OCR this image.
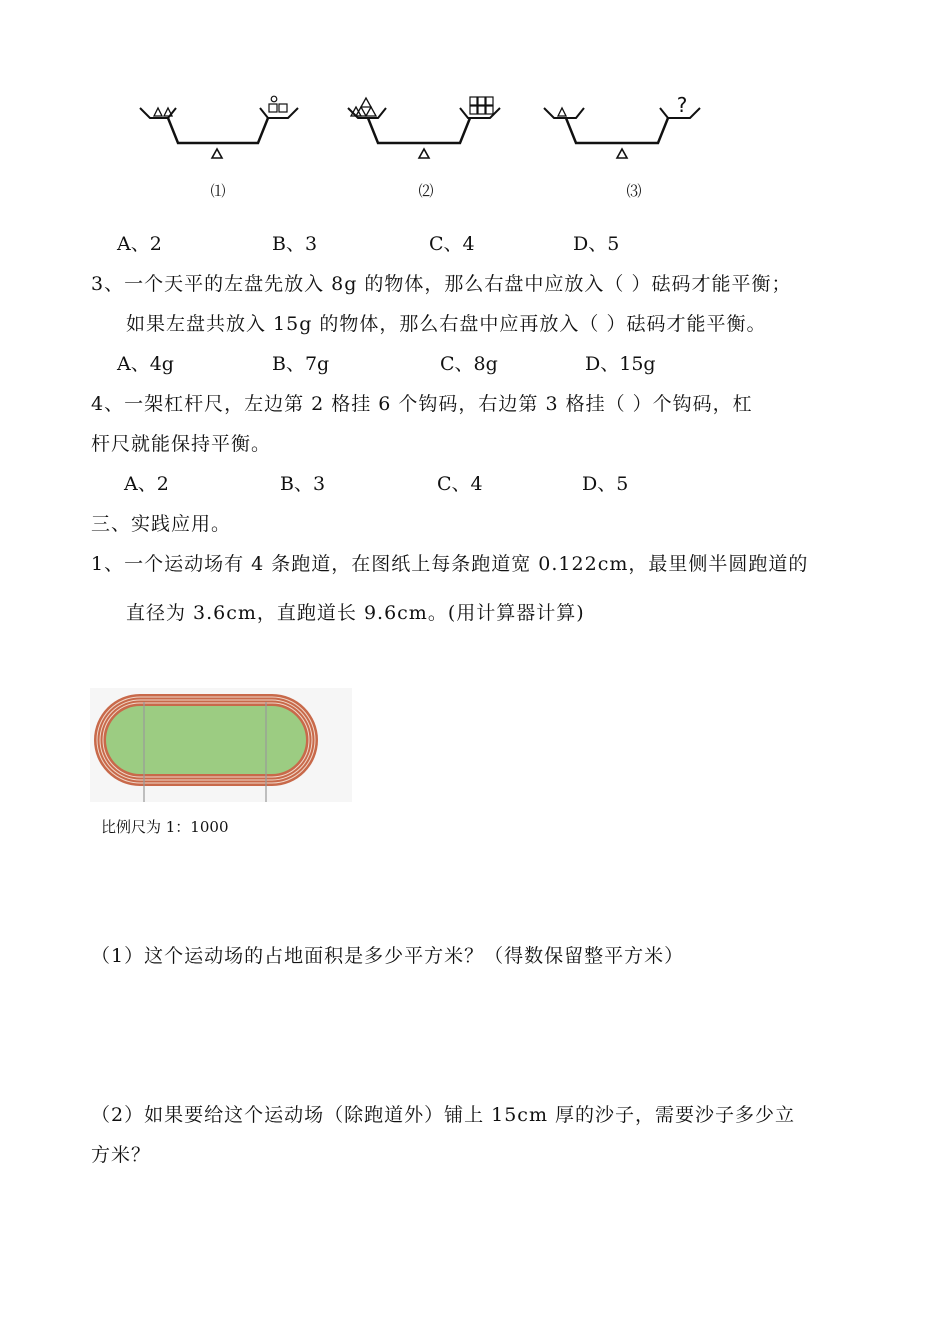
?
⑴	⑵	⑶
A、2	B、3	C、4	D、5
3、一个天平的左盘先放入 8g 的物体，那么右盘中应放入（ ）砝码才能平衡；
如果左盘共放入 15g 的物体，那么右盘中应再放入（ ）砝码才能平衡。
A、4g	B、7g	C、8g	D、15g
4、一架杠杆尺，左边第 2 格挂 6 个钩码，右边第 3 格挂（ ）个钩码，杠
杆尺就能保持平衡。
A、2	B、3	C、4	D、5
三、实践应用。
1、一个运动场有 4 条跑道，在图纸上每条跑道宽 0.122cm，最里侧半圆跑道的
直径为 3.6cm，直跑道长 9.6cm。(用计算器计算)
比例尺为 1：1000
（1）这个运动场的占地面积是多少平方米？（得数保留整平方米）
（2）如果要给这个运动场（除跑道外）铺上 15cm 厚的沙子，需要沙子多少立
方米？
